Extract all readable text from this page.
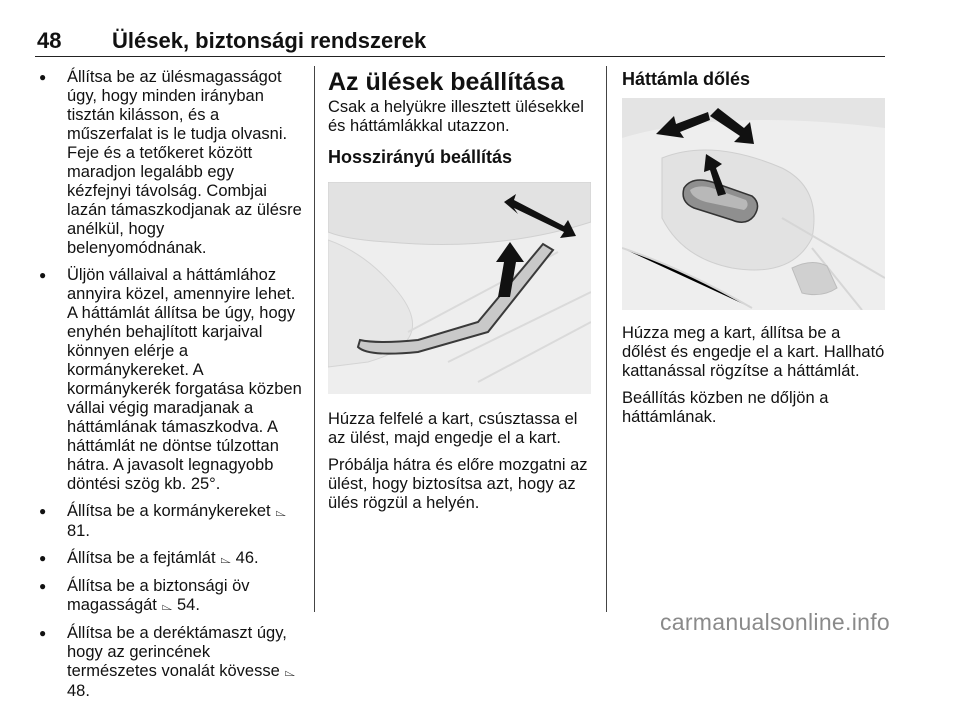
48 Ülések, biztonsági rendszerek
● Állítsa be az ülésmagasságot úgy, hogy minden irányban tisztán kilásson, és a műszerfalat is le tudja olvasni. Feje és a tetőkeret között maradjon legalább egy kézfejnyi távolság. Combjai lazán támaszkodjanak az ülésre anélkül, hogy belenyomódnának.
● Üljön vállaival a háttámlához annyira közel, amennyire lehet. A háttámlát állítsa be úgy, hogy enyhén behajlított karjaival könnyen elérje a kormánykereket. A kormánykerék forgatása közben vállai végig maradjanak a háttámlának támaszkodva. A háttámlát ne döntse túlzottan hátra. A javasolt legnagyobb döntési szög kb. 25°.
● Állítsa be a kormánykereket ⌳ 81.
● Állítsa be a fejtámlát ⌳ 46.
● Állítsa be a biztonsági öv magasságát ⌳ 54.
● Állítsa be a deréktámaszt úgy, hogy az gerincének természetes vonalát kövesse ⌳ 48.
Az ülések beállítása

Csak a helyükre illesztett ülésekkel és háttámlákkal utazzon.

Hosszirányú beállítás

Húzza felfelé a kart, csúsztassa el az ülést, majd engedje el a kart.

Próbálja hátra és előre mozgatni az ülést, hogy biztosítsa azt, hogy az ülés rögzül a helyén.

Háttámla dőlés

Húzza meg a kart, állítsa be a dőlést és engedje el a kart. Hallható kattanással rögzítse a háttámlát.

Beállítás közben ne dőljön a háttámlának.

carmanualsonline.info
